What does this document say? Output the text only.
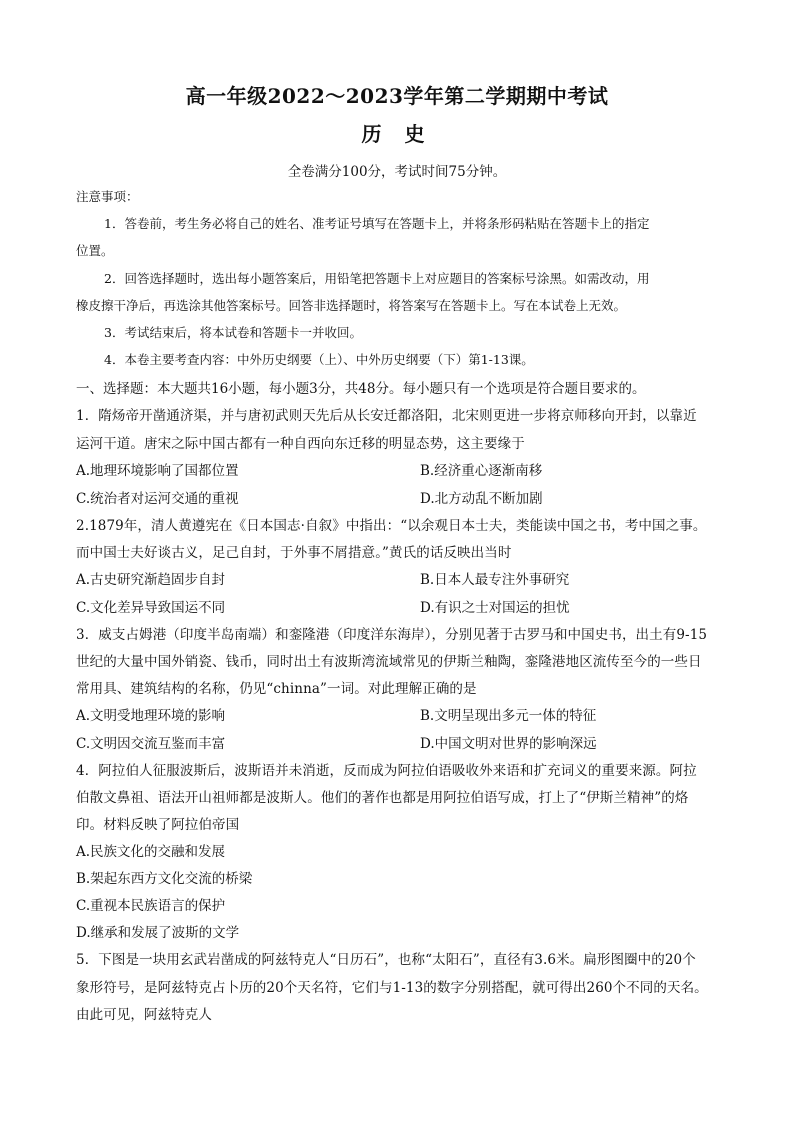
高一年级2022～2023学年第二学期期中考试
历 史
全卷满分100分，考试时间75分钟。
注意事项：
1．答卷前，考生务必将自己的姓名、准考证号填写在答题卡上，并将条形码粘贴在答题卡上的指定
位置。
2．回答选择题时，选出每小题答案后，用铅笔把答题卡上对应题目的答案标号涂黑。如需改动，用
橡皮擦干净后，再选涂其他答案标号。回答非选择题时，将答案写在答题卡上。写在本试卷上无效。
3．考试结束后，将本试卷和答题卡一并收回。
4．本卷主要考查内容：中外历史纲要（上）、中外历史纲要（下）第1-13课。
一、选择题：本大题共16小题，每小题3分，共48分。每小题只有一个选项是符合题目要求的。
1．隋炀帝开凿通济渠，并与唐初武则天先后从长安迁都洛阳，北宋则更进一步将京师移向开封，以靠近
运河干道。唐宋之际中国古都有一种自西向东迁移的明显态势，这主要缘于
A.地理环境影响了国都位置	B.经济重心逐渐南移
C.统治者对运河交通的重视	D.北方动乱不断加剧
2.1879年，清人黄遵宪在《日本国志·自叙》中指出：“以余观日本士夫，类能读中国之书，考中国之事。
而中国士夫好谈古义，足己自封，于外事不屑措意。”黄氏的话反映出当时
A.古史研究渐趋固步自封	B.日本人最专注外事研究
C.文化差异导致国运不同	D.有识之士对国运的担忧
3．威支占姆港（印度半岛南端）和銮隆港（印度洋东海岸），分别见著于古罗马和中国史书，出土有9-15
世纪的大量中国外销瓷、钱币，同时出土有波斯湾流域常见的伊斯兰釉陶，銮隆港地区流传至今的一些日
常用具、建筑结构的名称，仍见“chinna”一词。对此理解正确的是
A.文明受地理环境的影响	B.文明呈现出多元一体的特征
C.文明因交流互鉴而丰富	D.中国文明对世界的影响深远
4．阿拉伯人征服波斯后，波斯语并未消逝，反而成为阿拉伯语吸收外来语和扩充词义的重要来源。阿拉
伯散文鼻祖、语法开山祖师都是波斯人。他们的著作也都是用阿拉伯语写成，打上了“伊斯兰精神”的烙
印。材料反映了阿拉伯帝国
A.民族文化的交融和发展
B.架起东西方文化交流的桥梁
C.重视本民族语言的保护
D.继承和发展了波斯的文学
5．下图是一块用玄武岩凿成的阿兹特克人“日历石”，也称“太阳石”，直径有3.6米。扁形图圈中的20个
象形符号，是阿兹特克占卜历的20个天名符，它们与1-13的数字分别搭配，就可得出260个不同的天名。
由此可见，阿兹特克人
